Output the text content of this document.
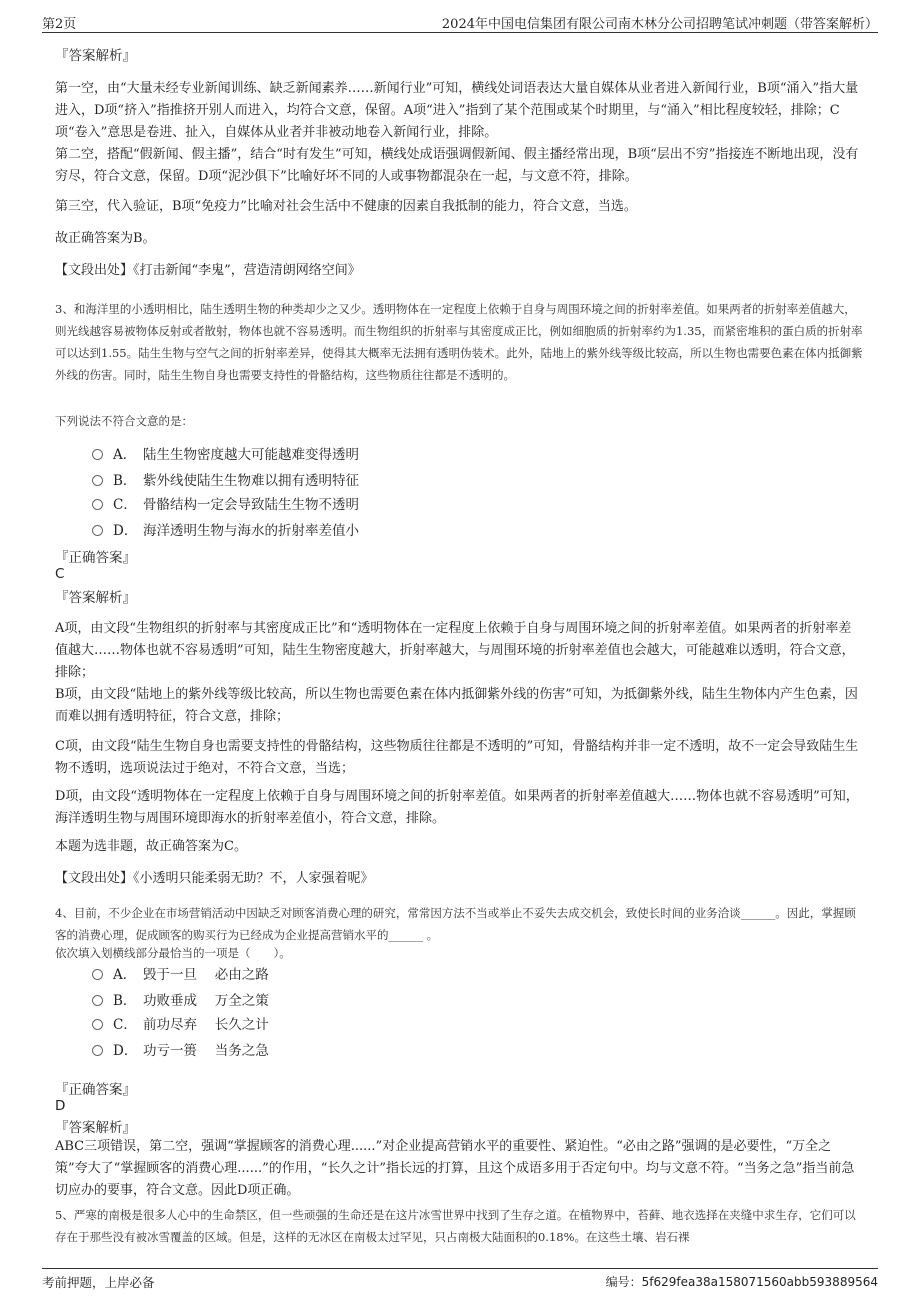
第2页	2024年中国电信集团有限公司南木林分公司招聘笔试冲刺题（带答案解析）
『答案解析』

第一空，由“大量未经专业新闻训练、缺乏新闻素养……新闻行业”可知，横线处词语表达大量自媒体从业者进入新闻行业，B项“涌入”指大量进入，D项“挤入”指推挤开别人而进入，均符合文意，保留。A项“进入”指到了某个范围或某个时期里，与“涌入”相比程度较轻，排除；C项“卷入”意思是卷进、扯入，自媒体从业者并非被动地卷入新闻行业，排除。

第二空，搭配“假新闻、假主播”，结合“时有发生”可知，横线处成语强调假新闻、假主播经常出现，B项“层出不穷”指接连不断地出现，没有穷尽，符合文意，保留。D项“泥沙俱下”比喻好坏不同的人或事物都混杂在一起，与文意不符，排除。

第三空，代入验证，B项“免疫力”比喻对社会生活中不健康的因素自我抵制的能力，符合文意，当选。

故正确答案为B。

【文段出处】《打击新闻“李鬼”，营造清朗网络空间》

3、和海洋里的小透明相比，陆生透明生物的种类却少之又少。透明物体在一定程度上依赖于自身与周围环境之间的折射率差值。如果两者的折射率差值越大，则光线越容易被物体反射或者散射，物体也就不容易透明。而生物组织的折射率与其密度成正比，例如细胞质的折射率约为1.35，而紧密堆积的蛋白质的折射率可以达到1.55。陆生生物与空气之间的折射率差异，使得其大概率无法拥有透明伪装术。此外，陆地上的紫外线等级比较高，所以生物也需要色素在体内抵御紫外线的伤害。同时，陆生生物自身也需要支持性的骨骼结构，这些物质往往都是不透明的。

下列说法不符合文意的是：

A． 陆生生物密度越大可能越难变得透明
B． 紫外线使陆生生物难以拥有透明特征
C． 骨骼结构一定会导致陆生生物不透明
D． 海洋透明生物与海水的折射率差值小
『正确答案』
C
『答案解析』

A项，由文段“生物组织的折射率与其密度成正比”和“透明物体在一定程度上依赖于自身与周围环境之间的折射率差值。如果两者的折射率差值越大……物体也就不容易透明”可知，陆生生物密度越大，折射率越大，与周围环境的折射率差值也会越大，可能越难以透明，符合文意，排除；

B项，由文段“陆地上的紫外线等级比较高，所以生物也需要色素在体内抵御紫外线的伤害”可知，为抵御紫外线，陆生生物体内产生色素，因而难以拥有透明特征，符合文意，排除；

C项，由文段“陆生生物自身也需要支持性的骨骼结构，这些物质往往都是不透明的”可知，骨骼结构并非一定不透明，故不一定会导致陆生生物不透明，选项说法过于绝对，不符合文意，当选；

D项，由文段“透明物体在一定程度上依赖于自身与周围环境之间的折射率差值。如果两者的折射率差值越大……物体也就不容易透明”可知，海洋透明生物与周围环境即海水的折射率差值小，符合文意，排除。

本题为选非题，故正确答案为C。

【文段出处】《小透明只能柔弱无助？不，人家强着呢》

4、目前，不少企业在市场营销活动中因缺乏对顾客消费心理的研究，常常因方法不当或举止不妥失去成交机会，致使长时间的业务洽谈______。因此，掌握顾客的消费心理，促成顾客的购买行为已经成为企业提高营销水平的______ 。

依次填入划横线部分最恰当的一项是（　　）。

A． 毁于一旦　 必由之路
B． 功败垂成　 万全之策
C． 前功尽弃　 长久之计
D． 功亏一篑　 当务之急
『正确答案』
D
『答案解析』

ABC三项错误，第二空，强调“掌握顾客的消费心理......”对企业提高营销水平的重要性、紧迫性。“必由之路”强调的是必要性，“万全之策”夸大了“掌握顾客的消费心理......”的作用，“长久之计”指长远的打算，且这个成语多用于否定句中。均与文意不符。“当务之急”指当前急切应办的要事，符合文意。因此D项正确。

5、严寒的南极是很多人心中的生命禁区，但一些顽强的生命还是在这片冰雪世界中找到了生存之道。在植物界中，苔藓、地衣选择在夹缝中求生存，它们可以存在于那些没有被冰雪覆盖的区域。但是，这样的无冰区在南极太过罕见，只占南极大陆面积的0.18%。在这些土壤、岩石裸

考前押题，上岸必备	编号：5f629fea38a158071560abb593889564
